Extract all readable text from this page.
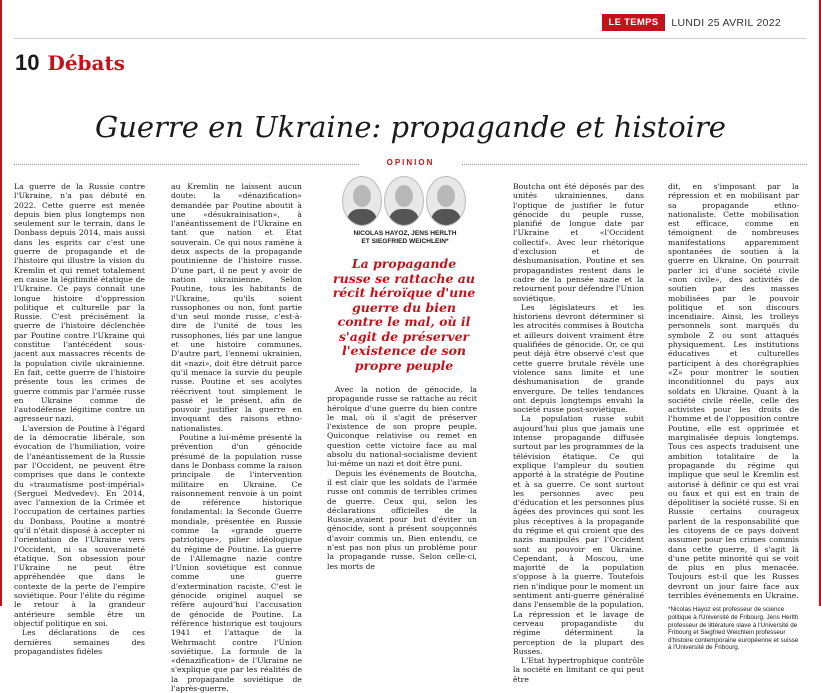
LE TEMPS	LUNDI 25 AVRIL 2022
10 Débats
Guerre en Ukraine: propagande et histoire
OPINION

La guerre de la Russie contre l'Ukraine, n'a pas débuté en 2022. Cette guerre est menée depuis bien plus longtemps non seulement sur le terrain, dans le Donbass depuis 2014, mais aussi dans les esprits car c'est une guerre de propagande et de l'histoire qui illustre la vision du Kremlin et qui remet totalement en cause la légitimité étatique de l'Ukraine. Ce pays connaît une longue histoire d'oppression politique et culturelle par la Russie. C'est précisément la guerre de l'histoire déclenchée par Poutine contre l'Ukraine qui constitue l'antécédent sous-jacent aux massacres récents de la population civile ukrainienne. En fait, cette guerre de l'histoire présente tous les crimes de guerre commis par l'armée russe en Ukraine comme de l'autodéfense légitime contre un agresseur nazi.

L'aversion de Poutine à l'égard de la démocratie libérale, son évocation de l'humiliation, voire de l'anéantissement de la Russie par l'Occident, ne peuvent être comprises que dans le contexte du «traumatisme post-impérial» (Sergueï Medvedev). En 2014, avec l'annexion de la Crimée et l'occupation de certaines parties du Donbass, Poutine a montré qu'il n'était disposé à accepter ni l'orientation de l'Ukraine vers l'Occident, ni sa souveraineté étatique. Son obsession pour l'Ukraine ne peut être appréhendée que dans le contexte de la perte de l'empire soviétique. Pour l'élite du régime le retour à la grandeur antérieure semble être un objectif politique en soi.

Les déclarations de ces dernières semaines des propagandistes fidèles

au Kremlin ne laissent aucun doute: la «dénazification» demandée par Poutine aboutit à une «désukrainisation», à l'anéantissement de l'Ukraine en tant que nation et Etat souverain. Ce qui nous ramène à deux aspects de la propagande poutinienne de l'histoire russe. D'une part, il ne peut y avoir de nation ukrainienne. Selon Poutine, tous les habitants de l'Ukraine, qu'ils soient russophones ou non, font partie d'un seul monde russe, c'est-à-dire de l'unité de tous les russophones, liés par une langue et une histoire communes. D'autre part, l'ennemi ukrainien, dit «nazi», doit être détruit parce qu'il menace la survie du peuple russe. Poutine et ses acolytes réécrivent tout simplement le passé et le présent, afin de pouvoir justifier la guerre en invoquant des raisons ethno-nationalistes.

Poutine a lui-même présenté la prévention d'un génocide présumé de la population russe dans le Donbass comme la raison principale de l'intervention militaire en Ukraine. Ce raisonnement renvoie à un point de référence historique fondamental: la Seconde Guerre mondiale, présentée en Russie comme la «grande guerre patriotique», pilier idéologique du régime de Poutine. La guerre de l'Allemagne nazie contre l'Union soviétique est connue comme une guerre d'extermination raciste. C'est le génocide originel auquel se réfère aujourd'hui l'accusation de génocide de Poutine. La référence historique est toujours 1941 et l'attaque de la Wehrmacht contre l'Union soviétique. La formule de la «dénazification» de l'Ukraine ne s'explique que par les réalités de la propagande soviétique de l'après-guerre.

NICOLAS HAYOZ, JENS HERLTH
ET SIEGFRIED WEICHLEIN*
La propagande russe se rattache au récit héroïque d'une guerre du bien contre le mal, où il s'agit de préserver l'existence de son propre peuple

Avec la notion de génocide, la propagande russe se rattache au récit héroïque d'une guerre du bien contre le mal, où il s'agit de préserver l'existence de son propre peuple. Quiconque relativise ou remet en question cette victoire face au mal absolu du national-socialisme devient lui-même un nazi et doit être puni.

Depuis les événements de Boutcha, il est clair que les soldats de l'armée russe ont commis de terribles crimes de guerre. Ceux qui, selon les déclarations officielles de la Russie,avaient pour but d'éviter un génocide, sont à présent soupçonnés d'avoir commis un. Bien entendu, ce n'est pas non plus un problème pour la propagande russe. Selon celle-ci, les morts de

Boutcha ont été déposés par des unités ukrainiennes, dans l'optique de justifier le futur génocide du peuple russe, planifié de longue date par l'Ukraine et «l'Occident collectif». Avec leur rhétorique d'exclusion et de déshumanisation, Poutine et ses propagandistes restent dans le cadre de la pensée nazie et la retournent pour défendre l'Union soviétique.

Les législateurs et les historiens devront déterminer si les atrocités commises à Boutcha et ailleurs doivent vraiment être qualifiées de génocide. Or, ce qui peut déjà être observé c'est que cette guerre brutale révèle une violence sans limite et une déshumanisation de grande envergure. De telles tendances ont depuis longtemps envahi la société russe post-soviétique.

La population russe subit aujourd'hui plus que jamais une intense propagande diffusée surtout par les programmes de la télévision étatique. Ce qui explique l'ampleur du soutien apporté à la stratégie de Poutine et à sa guerre. Ce sont surtout les personnes avec peu d'éducation et les personnes plus âgées des provinces qui sont les plus réceptives à la propagande du régime et qui croient que des nazis manipulés par l'Occident sont au pouvoir en Ukraine. Cependant, à Moscou, une majorité de la population s'oppose à la guerre. Toutefois rien n'indique pour le moment un sentiment anti-guerre généralisé dans l'ensemble de la population. La répression et le lavage de cerveau propagandiste du régime déterminent la perception de la plupart des Russes.

L'Etat hypertrophique contrôle la société en limitant ce qui peut être

dit, en s'imposant par la répression et en mobilisant par sa propagande ethno-nationaliste. Cette mobilisation est efficace, comme en témoignent de nombreuses manifestations apparemment spontanées de soutien à la guerre en Ukraine. On pourrait parler ici d'une société civile «non civile», des activités de soutien par des masses mobilisées par le pouvoir politique et son discours incendiaire. Ainsi, les trolleys personnels sont marqués du symbole Z ou sont attaqués physiquement. Les institutions éducatives et culturelles participent à des chorégraphies «Z» pour montrer le soutien inconditionnel du pays aux soldats en Ukraine. Quant à la société civile réelle, celle des activistes pour les droits de l'homme et de l'opposition contre Poutine, elle est opprimée et marginalisée depuis longtemps. Tous ces aspects traduisent une ambition totalitaire de la propagande du régime qui implique que seul le Kremlin est autorisé à définir ce qui est vrai ou faux et qui est en train de dépolitiser la société russe. Si en Russie certains courageux parlent de la responsabilité que les citoyens de ce pays doivent assumer pour les crimes commis dans cette guerre, il s'agit là d'une petite minorité qui se voit de plus en plus menacée. Toujours est-il que les Russes devront un jour faire face aux terribles événements en Ukraine.

*Nicolas Hayoz est professeur de science politique à l'Université de Fribourg. Jens Herlth professeur de littérature slave à l'Université de Fribourg et Siegfried Weichlein professeur d'histoire contemporaine européenne et suisse à l'Université de Fribourg.
